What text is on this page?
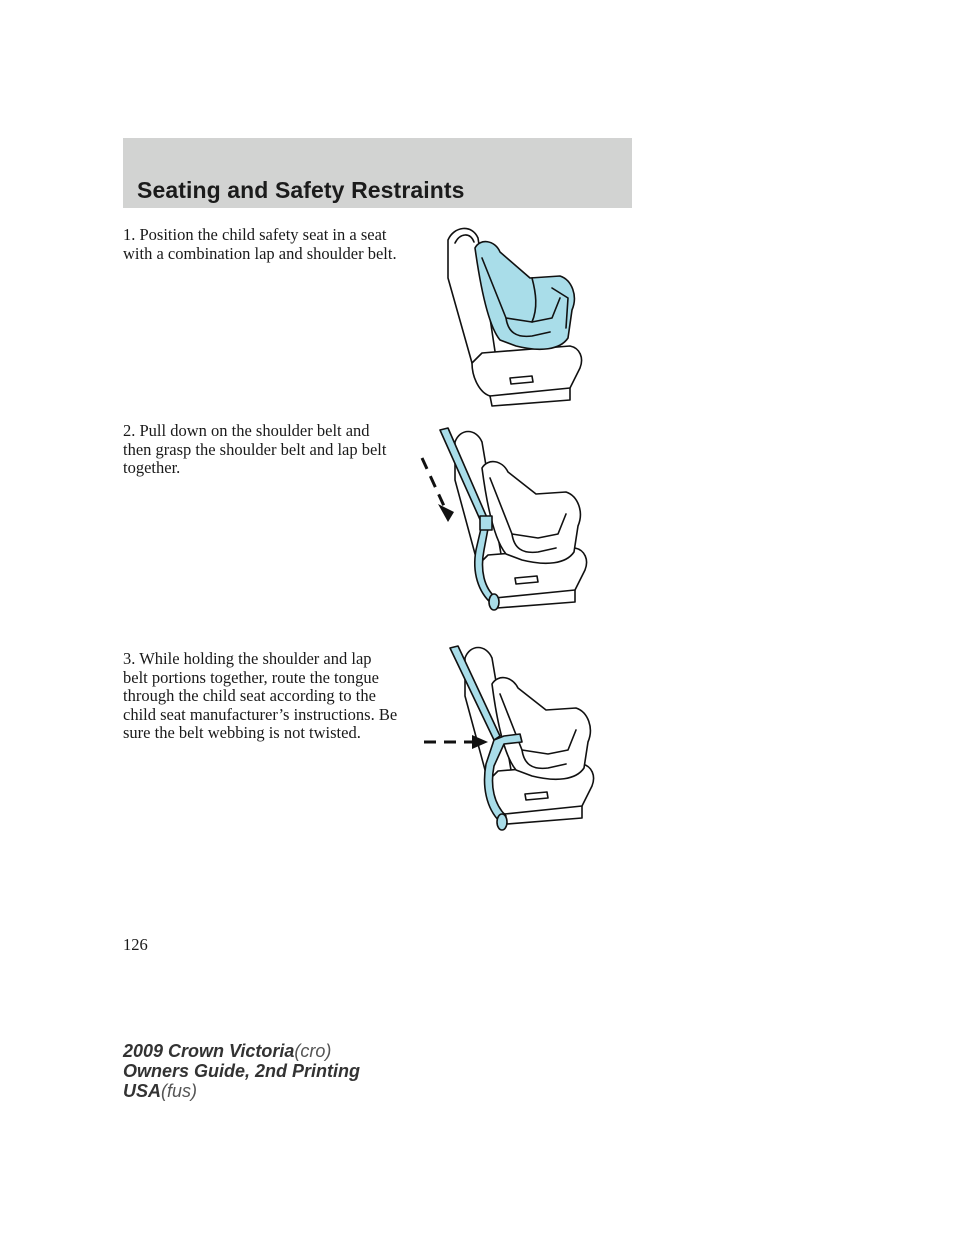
Seating and Safety Restraints
1. Position the child safety seat in a seat with a combination lap and shoulder belt.
2. Pull down on the shoulder belt and then grasp the shoulder belt and lap belt together.
3. While holding the shoulder and lap belt portions together, route the tongue through the child seat according to the child seat manufacturer’s instructions. Be sure the belt webbing is not twisted.
126
2009 Crown Victoria(cro)
Owners Guide, 2nd Printing
USA(fus)
